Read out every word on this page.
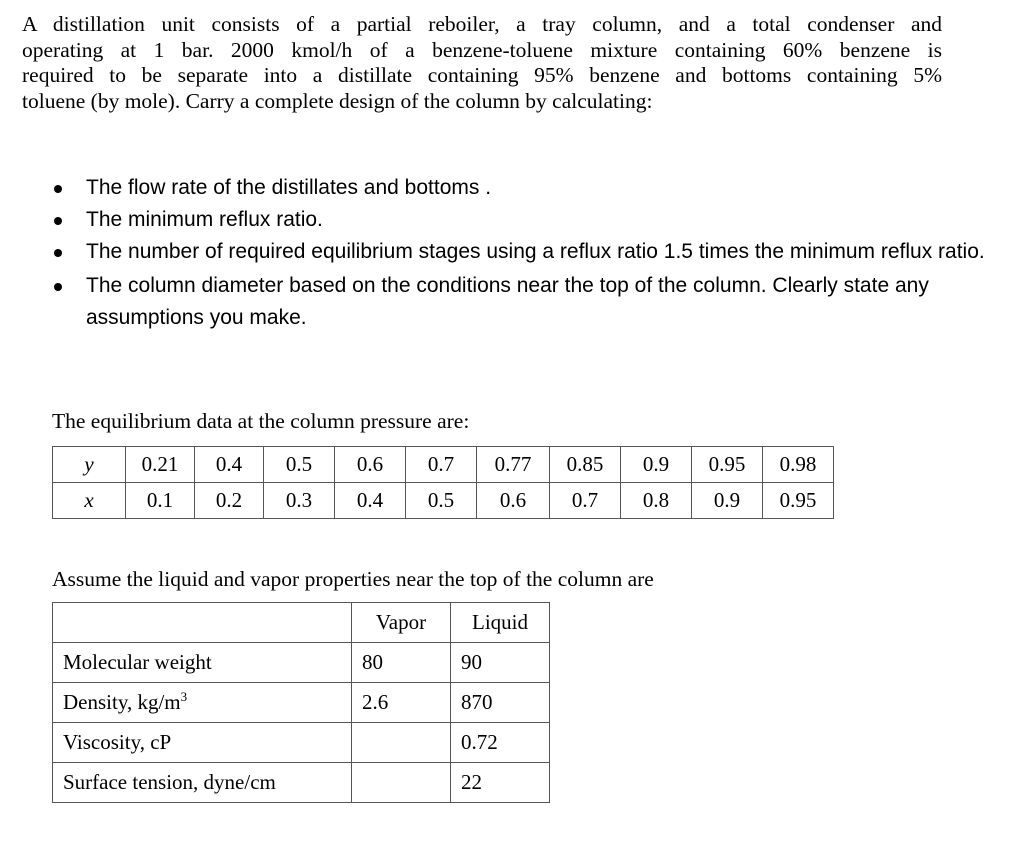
A distillation unit consists of a partial reboiler, a tray column, and a total condenser and
operating at 1 bar. 2000 kmol/h of a benzene-toluene mixture containing 60% benzene is
required to be separate into a distillate containing 95% benzene and bottoms containing 5%
toluene (by mole). Carry a complete design of the column by calculating:
The flow rate of the distillates and bottoms .
The minimum reflux ratio.
The number of required equilibrium stages using a reflux ratio 1.5 times the minimum reflux ratio.
The column diameter based on the conditions near the top of the column. Clearly state any assumptions you make.
The equilibrium data at the column pressure are:
y	0.21	0.4	0.5	0.6	0.7	0.77	0.85	0.9	0.95	0.98
x	0.1	0.2	0.3	0.4	0.5	0.6	0.7	0.8	0.9	0.95
Assume the liquid and vapor properties near the top of the column are
	Vapor	Liquid
Molecular weight	80	90
Density, $kg/m^3$	2.6	870
Viscosity, cP		0.72
Surface tension, dyne/cm		22
